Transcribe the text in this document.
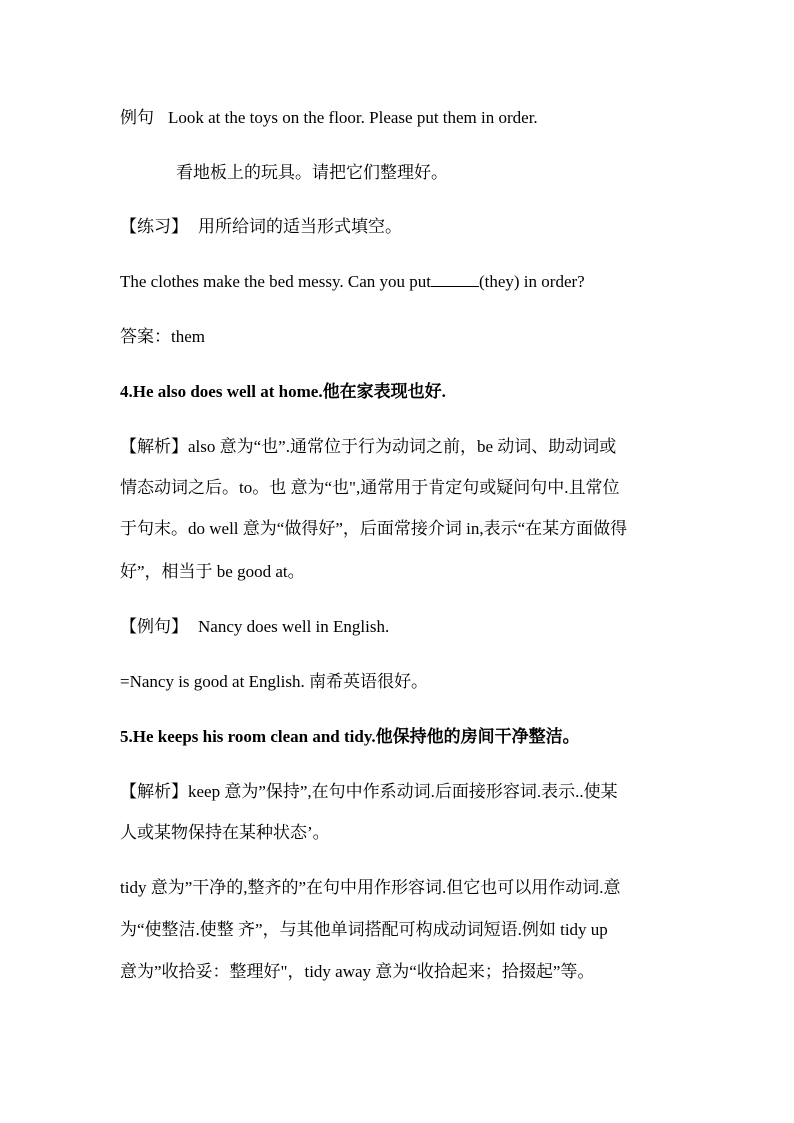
例句 Look at the toys on the floor. Please put them in order.
看地板上的玩具。请把它们整理好。
【练习】 用所给词的适当形式填空。
The clothes make the bed messy. Can you put	(they) in order?
答案：them
4.He also does well at home.他在家表现也好.
【解析】also 意为“也”.通常位于行为动词之前，be 动词、助动词或
情态动词之后。to。也 意为“也",通常用于肯定句或疑问句中.且常位
于句末。do well 意为“做得好”，后面常接介词 in,表示“在某方面做得
好”，相当于 be good at。
【例句】 Nancy does well in English.
=Nancy is good at English. 南希英语很好。
5.He keeps his room clean and tidy.他保持他的房间干净整洁。
【解析】keep 意为”保持”,在句中作系动词.后面接形容词.表示..使某
人或某物保持在某种状态’。
tidy 意为”干净的,整齐的”在句中用作形容词.但它也可以用作动词.意
为“使整洁.使整 齐”，与其他单词搭配可构成动词短语.例如 tidy up
意为”收拾妥：整理好"，tidy away 意为“收拾起来；拾掇起”等。
